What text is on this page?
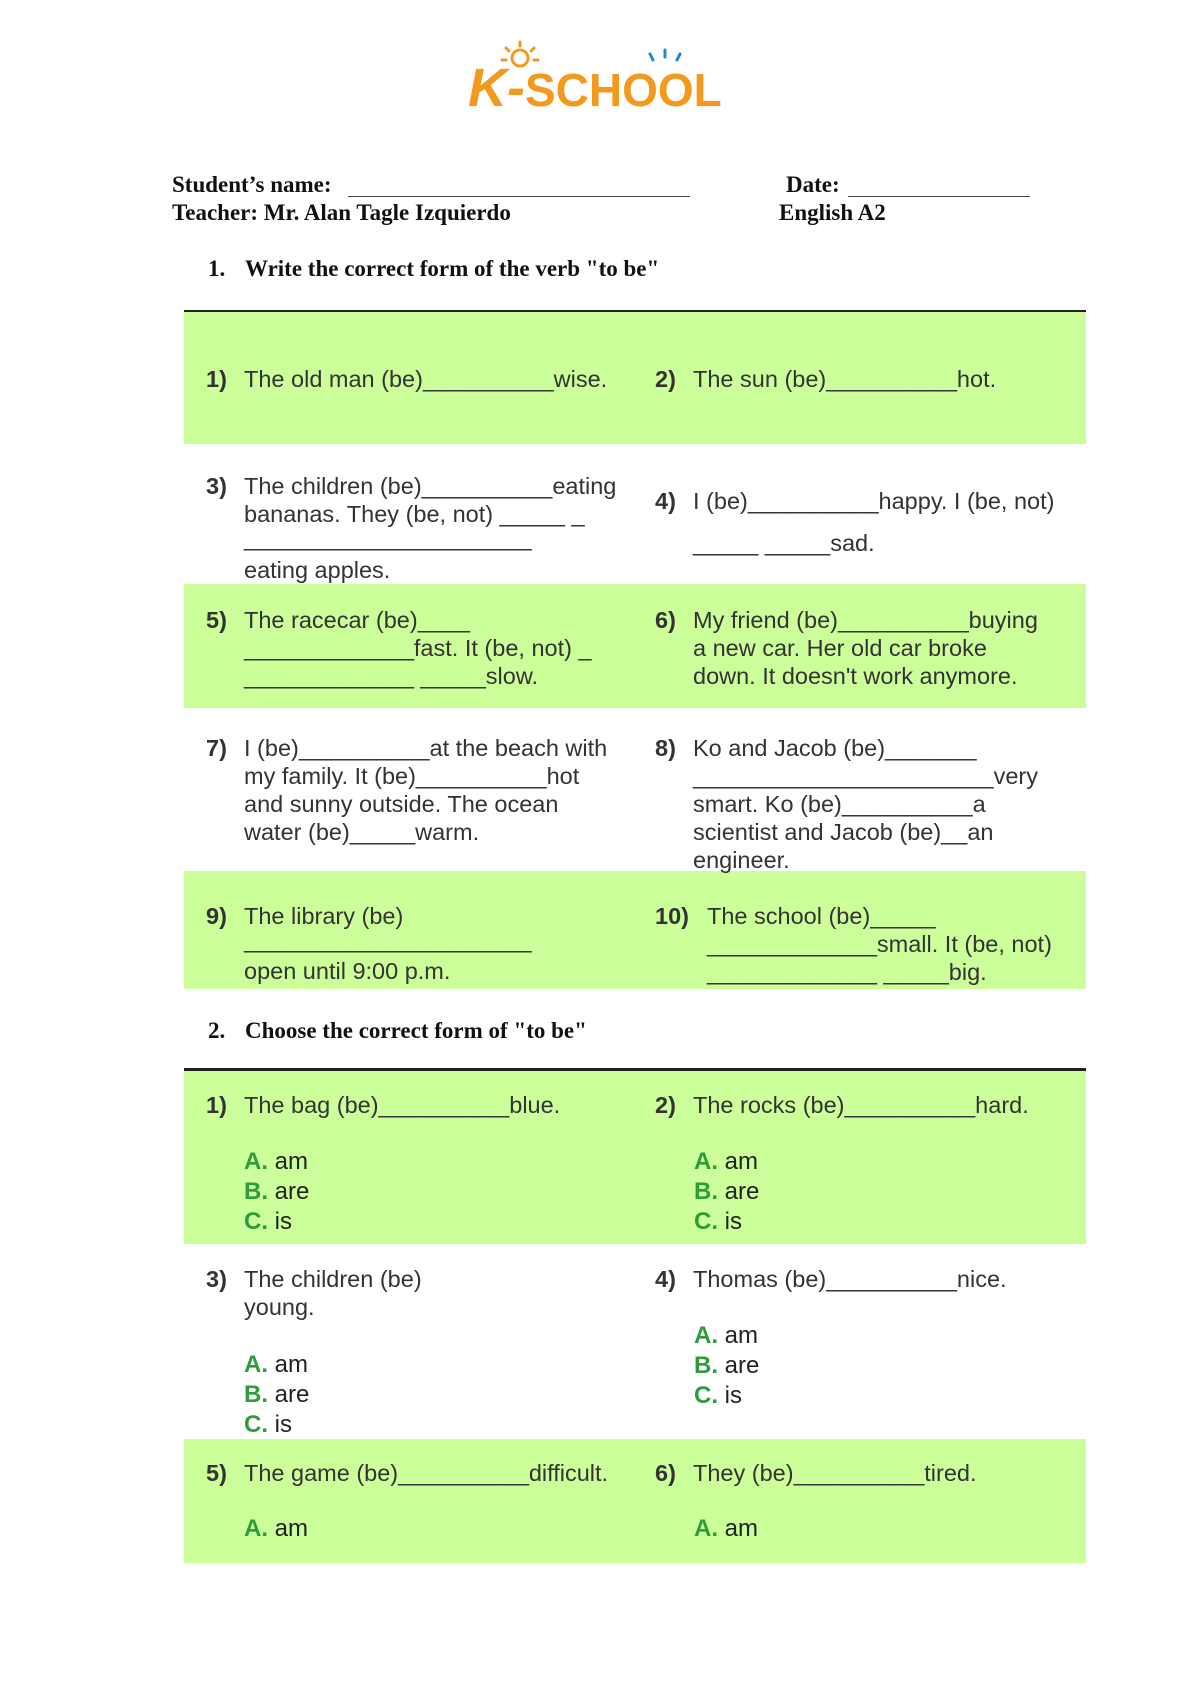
K-SCHOOL
Student’s name:	Date:
Teacher: Mr. Alan Tagle Izquierdo	English A2
1. Write the correct form of the verb "to be"
1) The old man (be)__________wise. 2) The sun (be)__________hot.
3) The children (be)__________eating
bananas. They (be, not) _____ _
______________________
eating apples.
4) I (be)__________happy. I (be, not)
_____ _____sad.
5) The racecar (be)____
_____________fast. It (be, not) _
_____________ _____slow.
6) My friend (be)__________buying
a new car. Her old car broke
down. It doesn't work anymore.
7) I (be)__________at the beach with
my family. It (be)__________hot
and sunny outside. The ocean
water (be)_____warm.
8) Ko and Jacob (be)_______
_______________________very
smart. Ko (be)__________a
scientist and Jacob (be)__an
engineer.
9) The library (be)
______________________
open until 9:00 p.m.
10) The school (be)_____
_____________small. It (be, not)
_____________ _____big.
2. Choose the correct form of "to be"
1) The bag (be)__________blue.
A. am
B. are
C. is
2) The rocks (be)__________hard.
A. am
B. are
C. is
3) The children (be)
young.
A. am
B. are
C. is
4) Thomas (be)__________nice.
A. am
B. are
C. is
5) The game (be)__________difficult.
A. am
6) They (be)__________tired.
A. am
